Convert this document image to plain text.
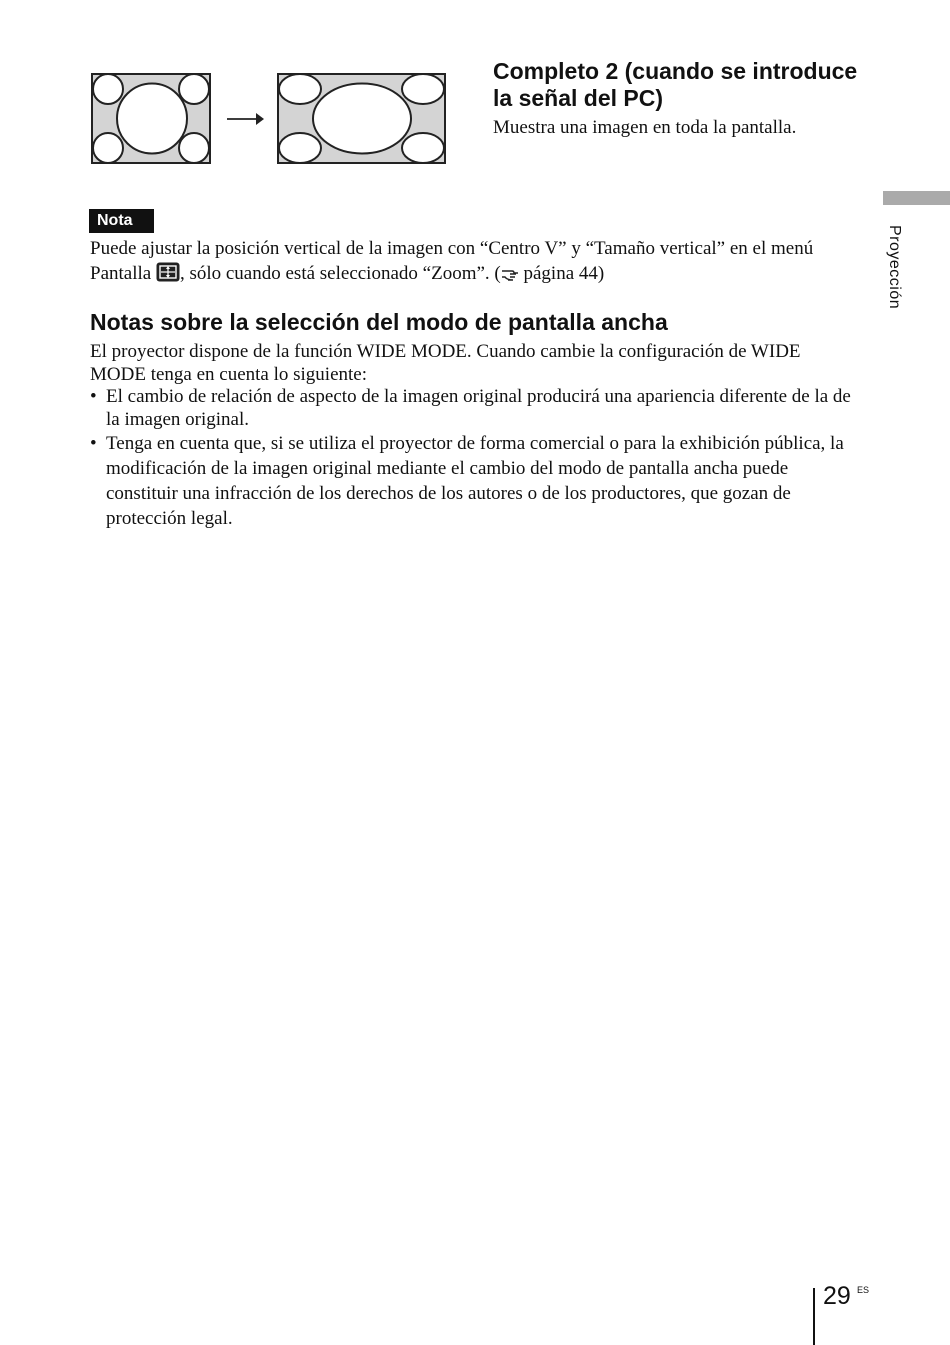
Completo 2 (cuando se introduce la señal del PC)

Muestra una imagen en toda la pantalla.

Proyección
Nota

Puede ajustar la posición vertical de la imagen con “Centro V” y “Tamaño vertical” en el menú Pantalla , sólo cuando está seleccionado “Zoom”. ( página 44)

Notas sobre la selección del modo de pantalla ancha

El proyector dispone de la función WIDE MODE. Cuando cambie la configuración de WIDE MODE tenga en cuenta lo siguiente:

• El cambio de relación de aspecto de la imagen original producirá una apariencia diferente de la de la imagen original.
• Tenga en cuenta que, si se utiliza el proyector de forma comercial o para la exhibición pública, la modificación de la imagen original mediante el cambio del modo de pantalla ancha puede constituir una infracción de los derechos de los autores o de los productores, que gozan de protección legal.
29 ES
